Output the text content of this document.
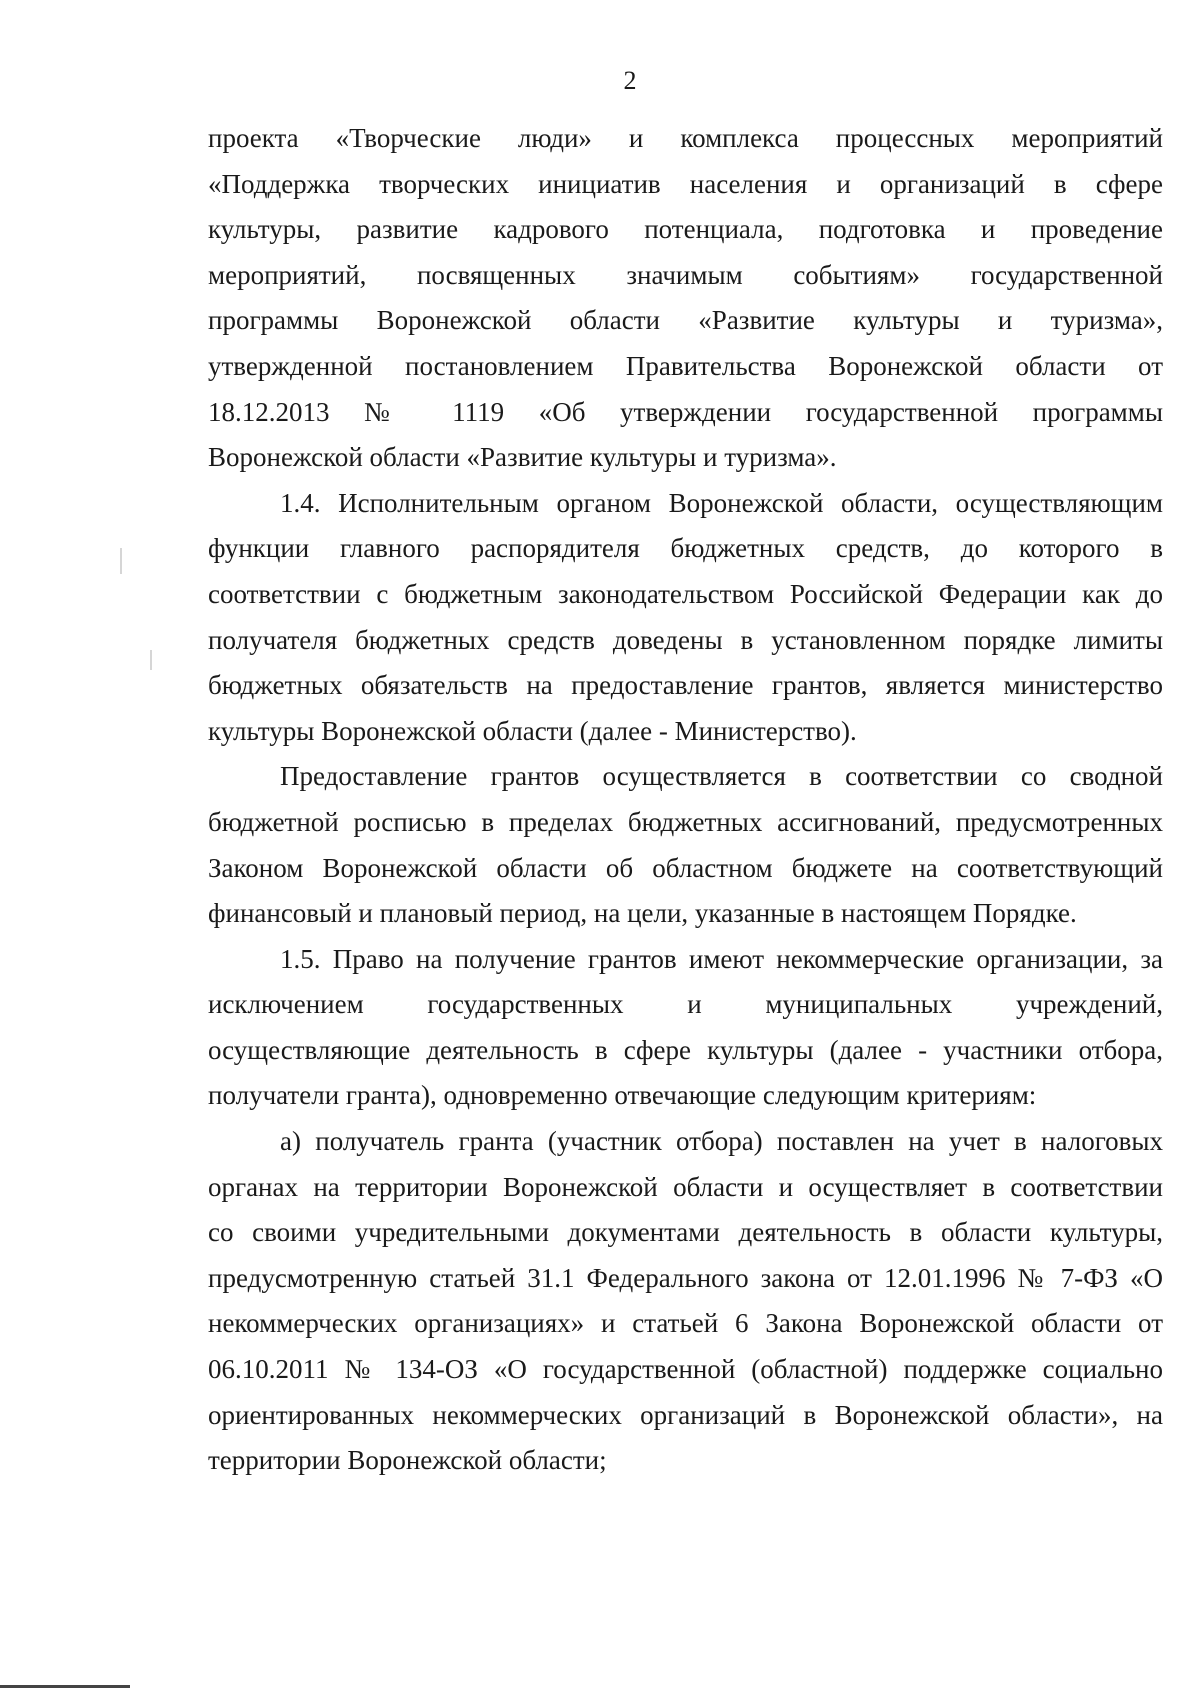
2
проекта «Творческие люди» и комплекса процессных мероприятий
«Поддержка творческих инициатив населения и организаций в сфере
культуры, развитие кадрового потенциала, подготовка и проведение
мероприятий, посвященных значимым событиям» государственной
программы Воронежской области «Развитие культуры и туризма»,
утвержденной постановлением Правительства Воронежской области от
18.12.2013 № 1119 «Об утверждении государственной программы
Воронежской области «Развитие культуры и туризма».
1.4. Исполнительным органом Воронежской области, осуществляющим
функции главного распорядителя бюджетных средств, до которого в
соответствии с бюджетным законодательством Российской Федерации как до
получателя бюджетных средств доведены в установленном порядке лимиты
бюджетных обязательств на предоставление грантов, является министерство
культуры Воронежской области (далее - Министерство).
Предоставление грантов осуществляется в соответствии со сводной
бюджетной росписью в пределах бюджетных ассигнований, предусмотренных
Законом Воронежской области об областном бюджете на соответствующий
финансовый и плановый период, на цели, указанные в настоящем Порядке.
1.5. Право на получение грантов имеют некоммерческие организации, за
исключением государственных и муниципальных учреждений,
осуществляющие деятельность в сфере культуры (далее - участники отбора,
получатели гранта), одновременно отвечающие следующим критериям:
а) получатель гранта (участник отбора) поставлен на учет в налоговых
органах на территории Воронежской области и осуществляет в соответствии
со своими учредительными документами деятельность в области культуры,
предусмотренную статьей 31.1 Федерального закона от 12.01.1996 № 7-ФЗ «О
некоммерческих организациях» и статьей 6 Закона Воронежской области от
06.10.2011 № 134-ОЗ «О государственной (областной) поддержке социально
ориентированных некоммерческих организаций в Воронежской области», на
территории Воронежской области;
